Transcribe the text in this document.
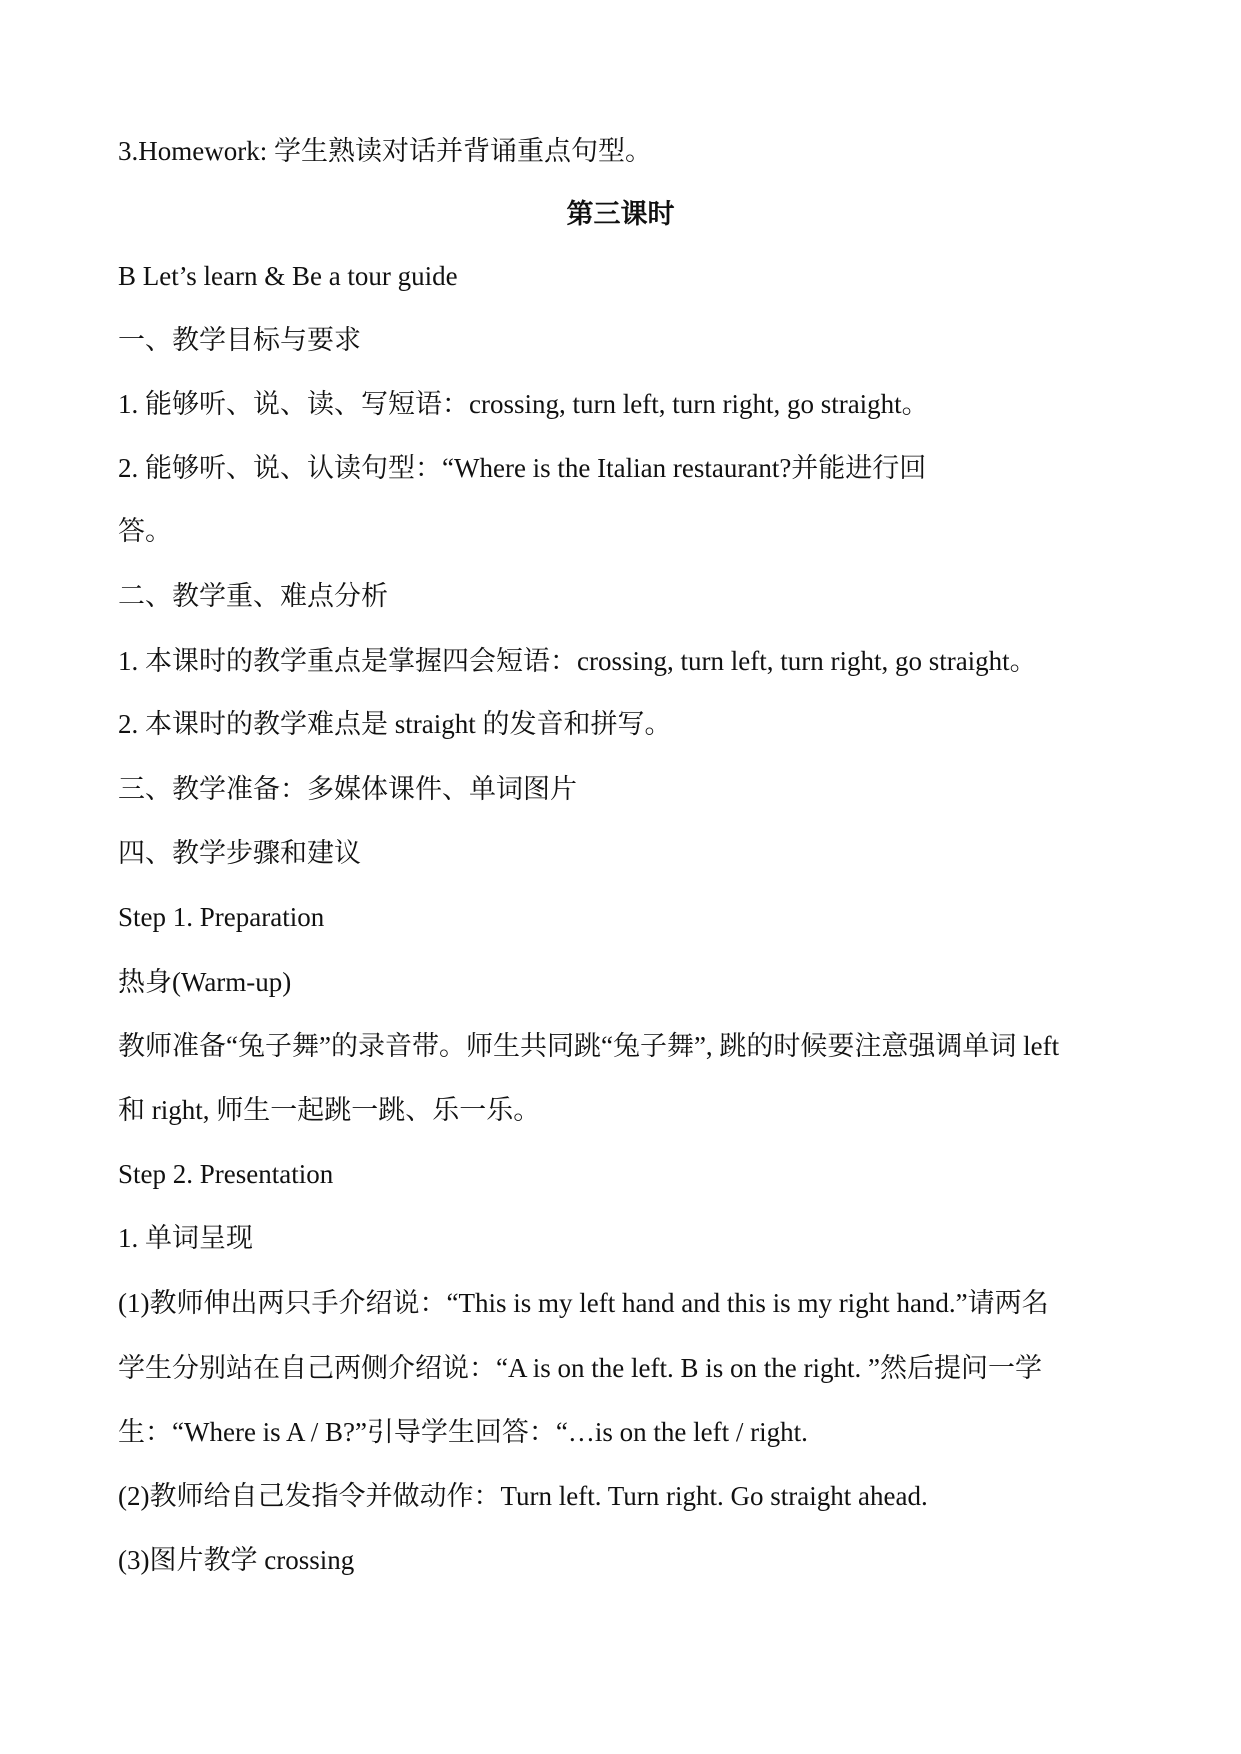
3.Homework: 学生熟读对话并背诵重点句型。
第三课时
B Let’s learn & Be a tour guide
一、教学目标与要求
1. 能够听、说、读、写短语：crossing, turn left, turn right, go straight。
2. 能够听、说、认读句型：“Where is the Italian restaurant?并能进行回
答。
二、教学重、难点分析
1. 本课时的教学重点是掌握四会短语：crossing, turn left, turn right, go straight。
2. 本课时的教学难点是 straight 的发音和拼写。
三、教学准备：多媒体课件、单词图片
四、教学步骤和建议
Step 1. Preparation
热身(Warm-up)
教师准备“兔子舞”的录音带。师生共同跳“兔子舞”, 跳的时候要注意强调单词 left
和 right, 师生一起跳一跳、乐一乐。
Step 2. Presentation
1. 单词呈现
(1)教师伸出两只手介绍说：“This is my left hand and this is my right hand.”请两名
学生分别站在自己两侧介绍说：“A is on the left. B is on the right. ”然后提问一学
生：“Where is A / B?”引导学生回答：“…is on the left / right.
(2)教师给自己发指令并做动作：Turn left. Turn right. Go straight ahead.
(3)图片教学 crossing
